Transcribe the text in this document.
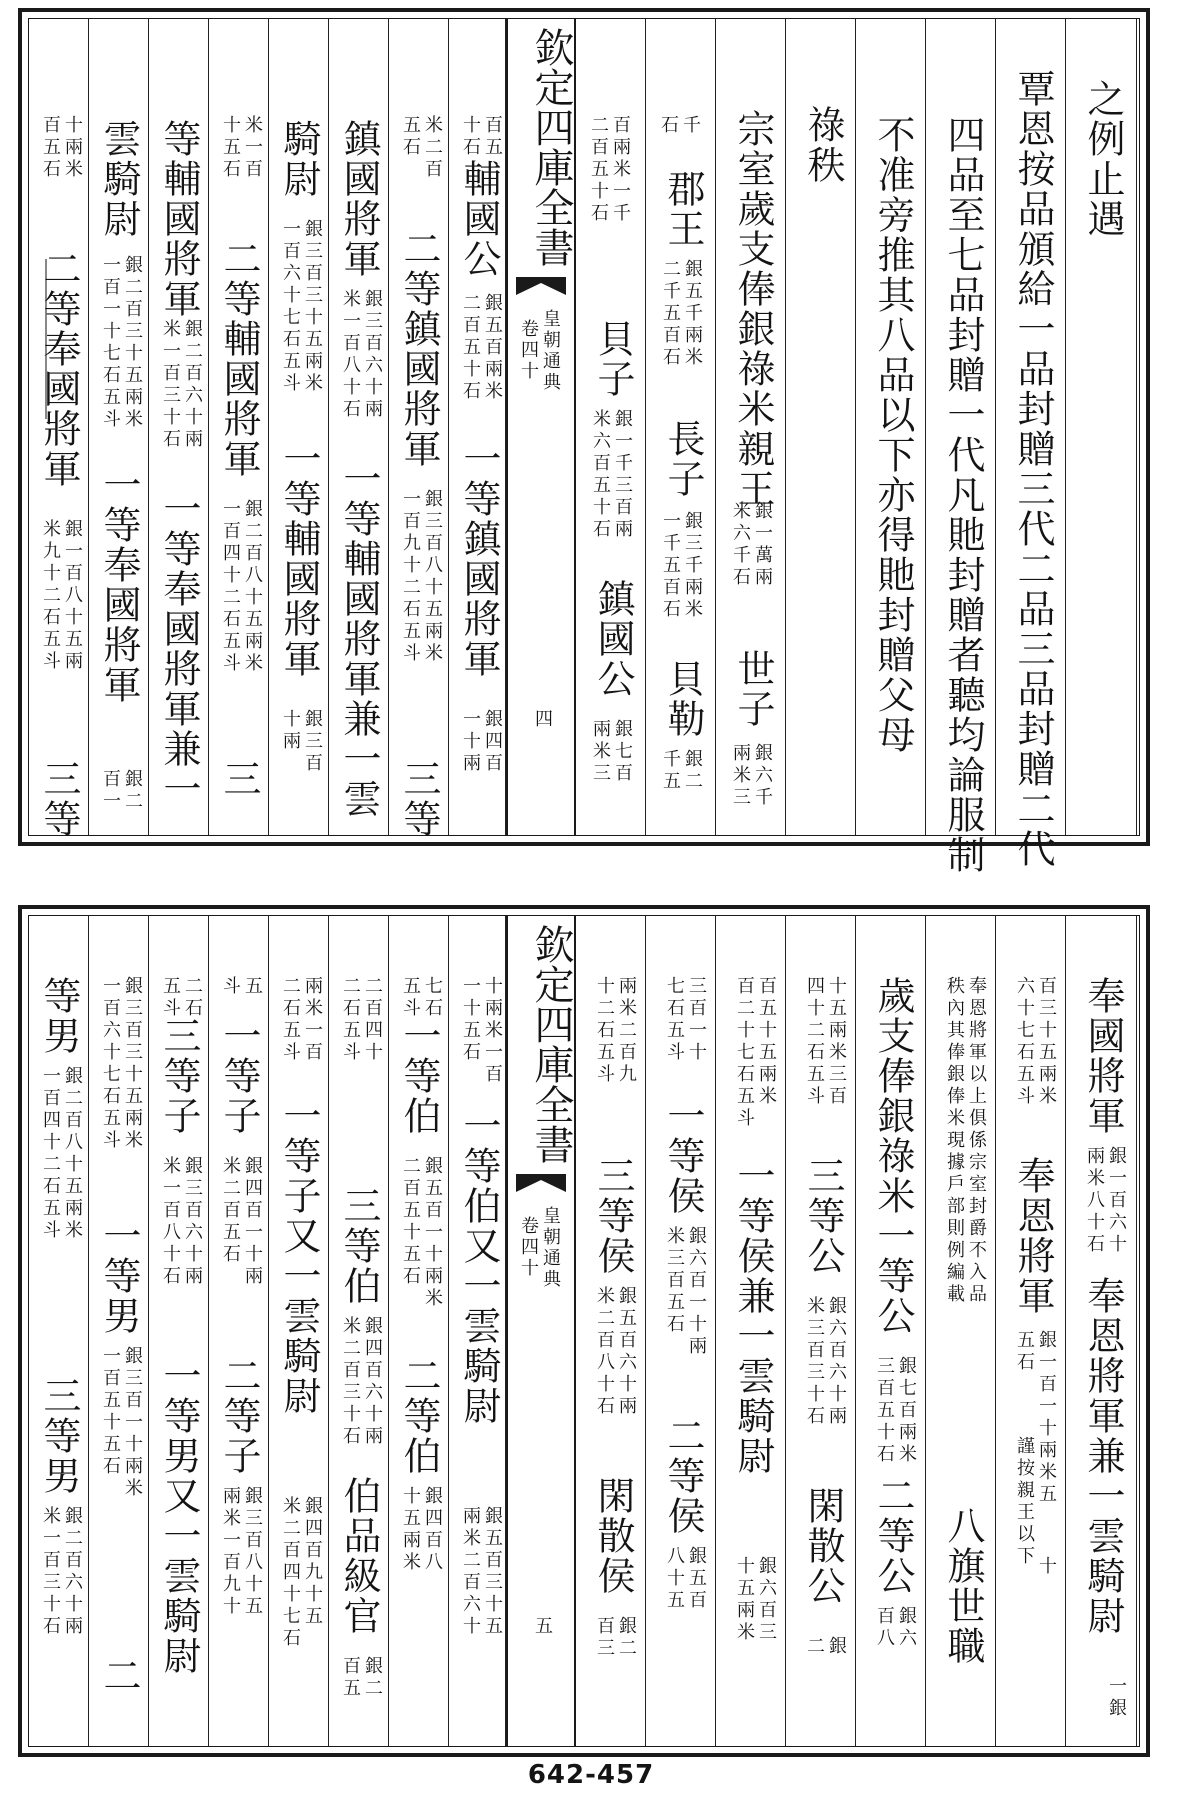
欽定四庫全書
皇朝通典
卷四十
四
之例止遇
覃恩按品頒給一品封贈三代二品三品封贈二代
四品至七品封贈一代凡貤封贈者聽均論服制
不准旁推其八品以下亦得貤封贈父母
祿秩
宗室歲支俸銀祿米親王
銀一萬兩
米六千石
世子
銀六千
兩米三
千
石
郡王
銀五千兩米
二千五百石
長子
銀三千兩米
一千五百石
貝勒
銀二
千五
百兩米一千
二百五十石
貝子
銀一千三百兩
米六百五十石
鎮國公
銀七百
兩米三
百五
十石
輔國公
銀五百兩米
二百五十石
一等鎮國將軍
銀四百
一十兩
米二百
五石
二等鎮國將軍
銀三百八十五兩米
一百九十二石五斗
三等
鎮國將軍
銀三百六十兩
米一百八十石
一等輔國將軍兼一雲
騎尉
銀三百三十五兩米
一百六十七石五斗
一等輔國將軍
銀三百
十兩
米一百
十五石
二等輔國將軍
銀二百八十五兩米
一百四十二石五斗
三
等輔國將軍
銀二百六十兩
米一百三十石
一等奉國將軍兼一
雲騎尉
銀二百三十五兩米
一百一十七石五斗
一等奉國將軍
銀二
百一
十兩米
百五石
二等奉國將軍
銀一百八十五兩
米九十二石五斗
三等
欽定四庫全書
皇朝通典
卷四十
五
奉國將軍
銀一百六十
兩米八十石
奉恩將軍兼一雲騎尉
一銀
百三十五兩米
六十七石五斗
奉恩將軍
銀一百一十兩米五
五石
謹按親王以下 十
奉恩將軍以上俱係宗室封爵不入品
秩內其俸銀俸米現據戶部則例編載
八旗世職
歲支俸銀祿米一等公
銀七百兩米
三百五十石
二等公
銀六
百八
十五兩米三百
四十二石五斗
三等公
銀六百六十兩
米三百三十石
閑散公
銀
二
百五十五兩米
百二十七石五斗
一等侯兼一雲騎尉
銀六百三
十五兩米
三百一十
七石五斗
一等侯
銀六百一十兩
米三百五石
二等侯
銀五百
八十五
兩米二百九
十二石五斗
三等侯
銀五百六十兩
米二百八十石
閑散侯
銀二
百三
十兩米一百
一十五石
一等伯又一雲騎尉
銀五百三十五
兩米二百六十
七石
五斗
一等伯
銀五百一十兩米
二百五十五石
二等伯
銀四百八
十五兩米
二百四十
二石五斗
三等伯
銀四百六十兩
米二百三十石
伯品級官
銀二
百五
兩米一百
二石五斗
一等子又一雲騎尉
銀四百九十五
米二百四十七石
五
斗
一等子
銀四百一十兩
米二百五石
二等子
銀三百八十五
兩米一百九十
二石
五斗
三等子
銀三百六十兩
米一百八十石
一等男又一雲騎尉
銀三百三十五兩米
一百六十七石五斗
一等男
銀三百一十兩米
一百五十五石
二
等男
銀二百八十五兩米
一百四十二石五斗
三等男
銀二百六十兩
米一百三十石
642-457
